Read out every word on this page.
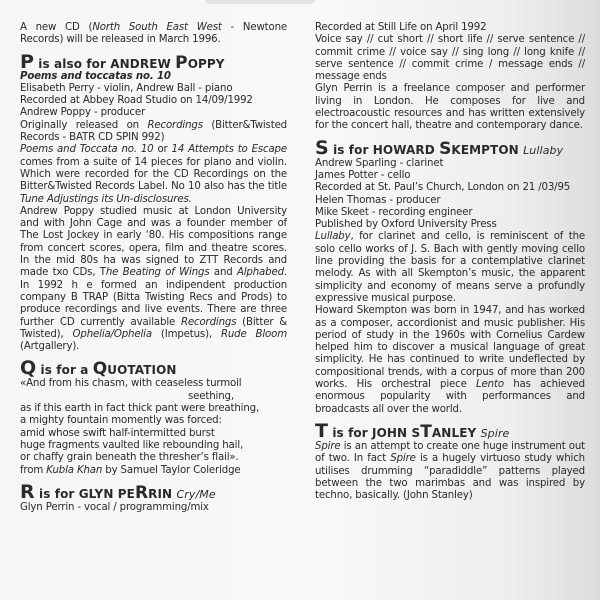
A new CD (North South East West - Newtone Records) will be released in March 1996.

P is also for ANDREW POPPY

Poems and toccatas no. 10

Elisabeth Perry - violin, Andrew Ball - piano
Recorded at Abbey Road Studio on 14/09/1992
Andrew Poppy - producer

Originally released on Recordings (Bitter&Twisted Records - BATR CD SPIN 992)

Poems and Toccata no. 10 or 14 Attempts to Escape comes from a suite of 14 pieces for piano and violin. Which were recorded for the CD Recordings on the Bitter&Twisted Records Label. No 10 also has the title Tune Adjustings its Un-disclosures.

Andrew Poppy studied music at London University and with John Cage and was a founder member of The Lost Jockey in early ‘80. His compositions range from concert scores, opera, film and theatre scores. In the mid 80s ha was signed to ZTT Records and made txo CDs, The Beating of Wings and Alphabed. In 1992 h e formed an indipendent production company B TRAP (Bitta Twisting Recs and Prods) to produce recordings and live events. There are three further CD currently available Recordings (Bitter & Twisted), Ophelia/Ophelia (Impetus), Rude Bloom (Artgallery).

Q is for a QUOTATION

«And from his chasm, with ceaseless turmoil
seething,
as if this earth in fact thick pant were breathing,
a mighty fountain momently was forced:
amid whose swift half-intermitted burst
huge fragments vaulted like rebounding hail,
or chaffy grain beneath the thresher’s flail».
from Kubla Khan by Samuel Taylor Coleridge

R is for GLYN PERRIN Cry/Me

Glyn Perrin - vocal / programming/mix
Recorded at Still Life on April 1992

Voice say // cut short // short life // serve sentence // commit crime // voice say // sing long // long knife // serve sentence // commit crime / message ends // message ends

Glyn Perrin is a freelance composer and performer living in London. He composes for live and electroacoustic resources and has written extensively for the concert hall, theatre and contemporary dance.

S is for HOWARD SKEMPTON Lullaby

Andrew Sparling - clarinet
James Potter - cello
Recorded at St. Paul’s Church, London on 21 /03/95
Helen Thomas - producer
Mike Skeet - recording engineer
Published by Oxford University Press

Lullaby, for clarinet and cello, is reminiscent of the solo cello works of J. S. Bach with gently moving cello line providing the basis for a contemplative clarinet melody. As with all Skempton’s music, the apparent simplicity and economy of means serve a profundly expressive musical purpose.

Howard Skempton was born in 1947, and has worked as a composer, accordionist and music publisher. His period of study in the 1960s with Cornelius Cardew helped him to discover a musical language of great simplicity. He has continued to write undeflected by compositional trends, with a corpus of more than 200 works. His orchestral piece Lento has achieved enormous popularity with performances and broadcasts all over the world.

T is for JOHN STANLEY Spire

Spire is an attempt to create one huge instrument out of two. In fact Spire is a hugely virtuoso study which utilises drumming “paradiddle” patterns played between the two marimbas and was inspired by techno, basically. (John Stanley)
